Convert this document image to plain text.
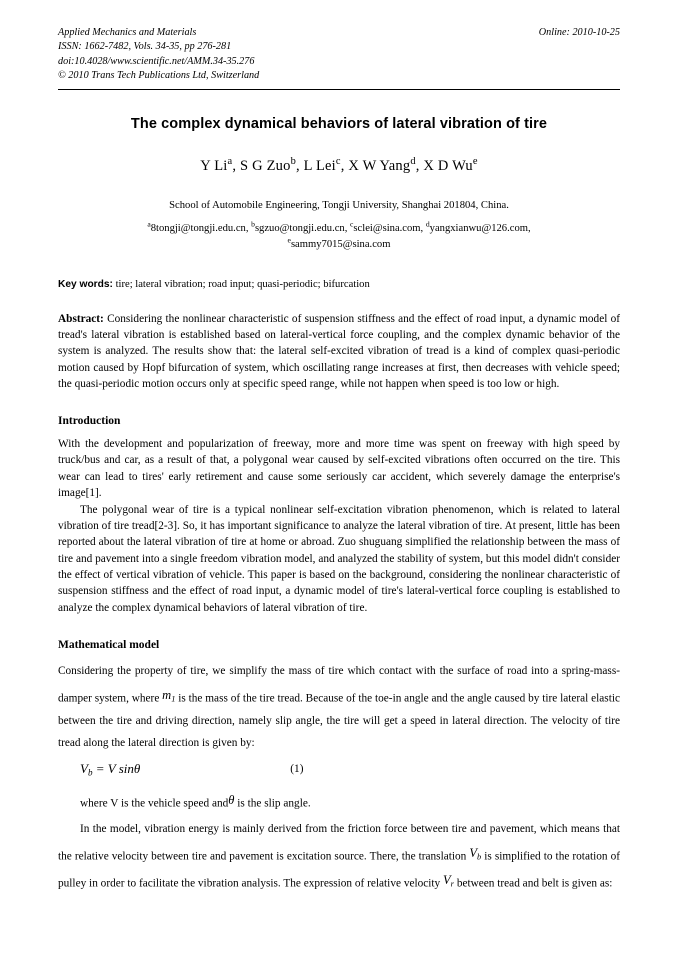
Applied Mechanics and Materials
ISSN: 1662-7482, Vols. 34-35, pp 276-281
doi:10.4028/www.scientific.net/AMM.34-35.276
© 2010 Trans Tech Publications Ltd, Switzerland
Online: 2010-10-25
The complex dynamical behaviors of lateral vibration of tire
Y Li$^a$, S G Zuo$^b$, L Lei$^c$, X W Yang$^d$, X D Wu$^e$
School of Automobile Engineering, Tongji University, Shanghai 201804, China.
$^a$8tongji@tongji.edu.cn, $^b$sgzuo@tongji.edu.cn, $^c$sclei@sina.com, $^d$yangxianwu@126.com,
$^e$sammy7015@sina.com
Key words: tire; lateral vibration; road input; quasi-periodic; bifurcation
Abstract: Considering the nonlinear characteristic of suspension stiffness and the effect of road input, a dynamic model of tread's lateral vibration is established based on lateral-vertical force coupling, and the complex dynamic behavior of the system is analyzed. The results show that: the lateral self-excited vibration of tread is a kind of complex quasi-periodic motion caused by Hopf bifurcation of system, which oscillating range increases at first, then decreases with vehicle speed; the quasi-periodic motion occurs only at specific speed range, while not happen when speed is too low or high.
Introduction

With the development and popularization of freeway, more and more time was spent on freeway with high speed by truck/bus and car, as a result of that, a polygonal wear caused by self-excited vibrations often occurred on the tire. This wear can lead to tires' early retirement and cause some seriously car accident, which severely damage the enterprise's image[1].

The polygonal wear of tire is a typical nonlinear self-excitation vibration phenomenon, which is related to lateral vibration of tire tread[2-3]. So, it has important significance to analyze the lateral vibration of tire. At present, little has been reported about the lateral vibration of tire at home or abroad. Zuo shuguang simplified the relationship between the mass of tire and pavement into a single freedom vibration model, and analyzed the stability of system, but this model didn't consider the effect of vertical vibration of vehicle. This paper is based on the background, considering the nonlinear characteristic of suspension stiffness and the effect of road input, a dynamic model of tire's lateral-vertical force coupling is established to analyze the complex dynamical behaviors of lateral vibration of tire.

Mathematical model

Considering the property of tire, we simplify the mass of tire which contact with the surface of road into a spring-mass-damper system, where $m_1$ is the mass of the tire tread. Because of the toe-in angle and the angle caused by tire lateral elastic between the tire and driving direction, namely slip angle, the tire will get a speed in lateral direction. The velocity of tire tread along the lateral direction is given by:

$V_b = V$ sinθ	(1)

where V is the vehicle speed andθ is the slip angle.

In the model, vibration energy is mainly derived from the friction force between tire and pavement, which means that the relative velocity between tire and pavement is excitation source. There, the translation $V_b$ is simplified to the rotation of pulley in order to facilitate the vibration analysis. The expression of relative velocity $V_r$ between tread and belt is given as:
